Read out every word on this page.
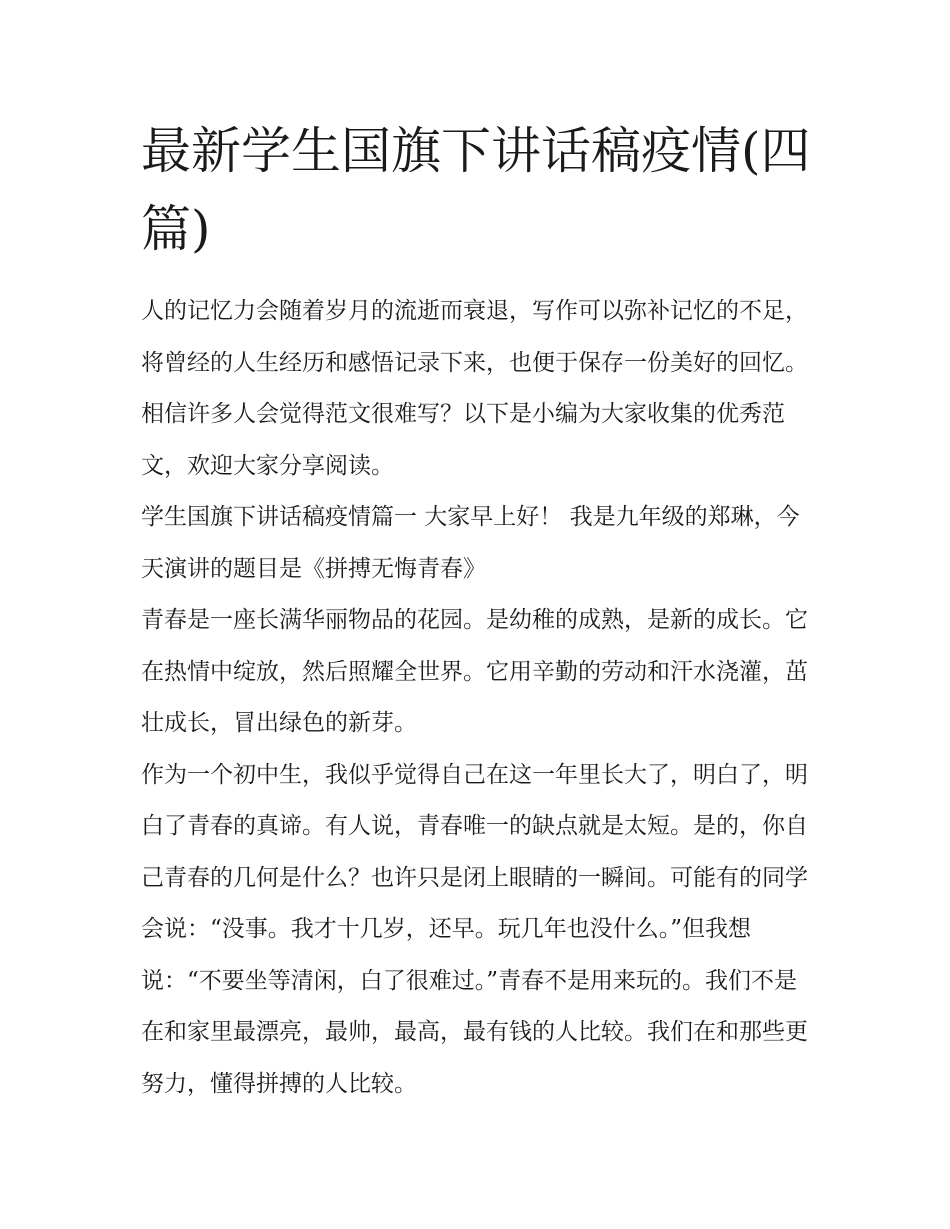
最新学生国旗下讲话稿疫情(四篇)

人的记忆力会随着岁月的流逝而衰退，写作可以弥补记忆的不足，将曾经的人生经历和感悟记录下来，也便于保存一份美好的回忆。相信许多人会觉得范文很难写？以下是小编为大家收集的优秀范文，欢迎大家分享阅读。

学生国旗下讲话稿疫情篇一 大家早上好！ 我是九年级的郑琳，今天演讲的题目是《拼搏无悔青春》

青春是一座长满华丽物品的花园。是幼稚的成熟，是新的成长。它在热情中绽放，然后照耀全世界。它用辛勤的劳动和汗水浇灌，茁壮成长，冒出绿色的新芽。

作为一个初中生，我似乎觉得自己在这一年里长大了，明白了，明白了青春的真谛。有人说，青春唯一的缺点就是太短。是的，你自己青春的几何是什么？也许只是闭上眼睛的一瞬间。可能有的同学会说：“没事。我才十几岁，还早。玩几年也没什么。”但我想说：“不要坐等清闲，白了很难过。”青春不是用来玩的。我们不是在和家里最漂亮，最帅，最高，最有钱的人比较。我们在和那些更努力，懂得拼搏的人比较。
